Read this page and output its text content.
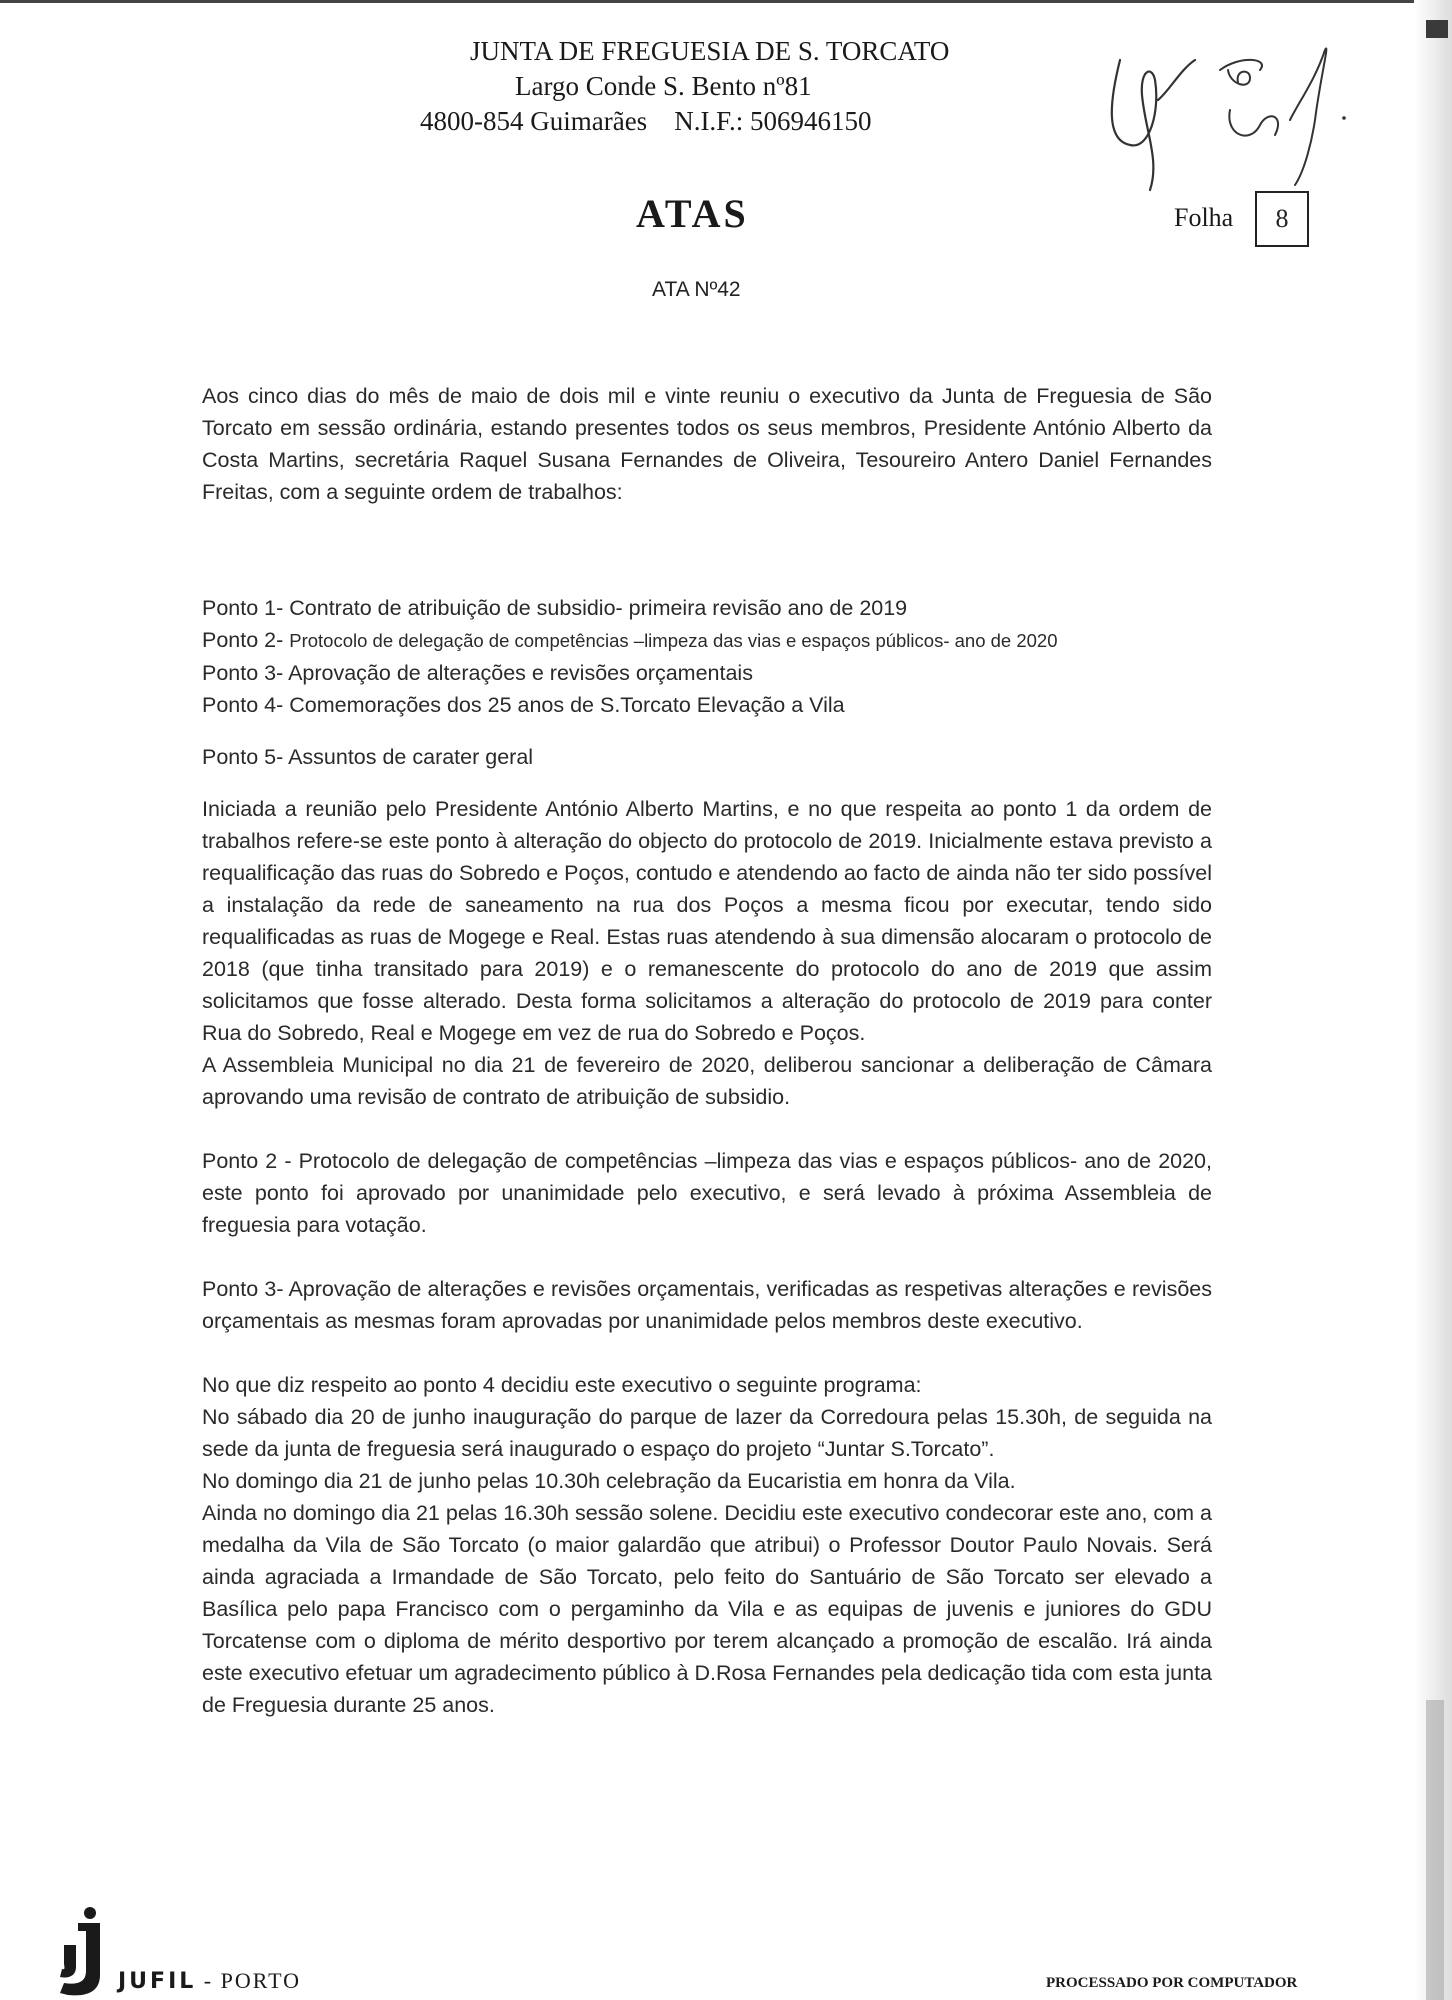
JUNTA DE FREGUESIA DE S. TORCATO
Largo Conde S. Bento nº81
4800-854 Guimarães    N.I.F.: 506946150
ATAS	Folha	8
ATA Nº42

Aos cinco dias do mês de maio de dois mil e vinte reuniu o executivo da Junta de Freguesia de São Torcato em sessão ordinária, estando presentes todos os seus membros, Presidente António Alberto da Costa Martins, secretária Raquel Susana Fernandes de Oliveira, Tesoureiro Antero Daniel Fernandes Freitas, com a seguinte ordem de trabalhos:

Ponto 1- Contrato de atribuição de subsidio- primeira revisão ano de 2019
Ponto 2- Protocolo de delegação de competências –limpeza das vias e espaços públicos- ano de 2020
Ponto 3- Aprovação de alterações e revisões orçamentais
Ponto 4- Comemorações dos 25 anos de S.Torcato Elevação a Vila
Ponto 5- Assuntos de carater geral

Iniciada a reunião pelo Presidente António Alberto Martins, e no que respeita ao ponto 1 da ordem de trabalhos refere-se este ponto à alteração do objecto do protocolo de 2019. Inicialmente estava previsto a requalificação das ruas do Sobredo e Poços, contudo e atendendo ao facto de ainda não ter sido possível a instalação da rede de saneamento na rua dos Poços a mesma ficou por executar, tendo sido requalificadas as ruas de Mogege e Real. Estas ruas atendendo à sua dimensão alocaram o protocolo de 2018 (que tinha transitado para 2019) e o remanescente do protocolo do ano de 2019 que assim solicitamos que fosse alterado. Desta forma solicitamos a alteração do protocolo de 2019 para conter Rua do Sobredo, Real e Mogege em vez de rua do Sobredo e Poços.

A Assembleia Municipal no dia 21 de fevereiro de 2020, deliberou sancionar a deliberação de Câmara aprovando uma revisão de contrato de atribuição de subsidio.

Ponto 2 - Protocolo de delegação de competências –limpeza das vias e espaços públicos- ano de 2020, este ponto foi aprovado por unanimidade pelo executivo, e será levado à próxima Assembleia de freguesia para votação.

Ponto 3- Aprovação de alterações e revisões orçamentais, verificadas as respetivas alterações e revisões orçamentais as mesmas foram aprovadas por unanimidade pelos membros deste executivo.

No que diz respeito ao ponto 4 decidiu este executivo o seguinte programa:

No sábado dia 20 de junho inauguração do parque de lazer da Corredoura pelas 15.30h, de seguida na sede da junta de freguesia será inaugurado o espaço do projeto “Juntar S.Torcato”.

No domingo dia 21 de junho pelas 10.30h celebração da Eucaristia em honra da Vila.

Ainda no domingo dia 21 pelas 16.30h sessão solene. Decidiu este executivo condecorar este ano, com a medalha da Vila de São Torcato (o maior galardão que atribui) o Professor Doutor Paulo Novais. Será ainda agraciada a Irmandade de São Torcato, pelo feito do Santuário de São Torcato ser elevado a Basílica pelo papa Francisco com o pergaminho da Vila e as equipas de juvenis e juniores do GDU Torcatense com o diploma de mérito desportivo por terem alcançado a promoção de escalão. Irá ainda este executivo efetuar um agradecimento público à D.Rosa Fernandes pela dedicação tida com esta junta de Freguesia durante 25 anos.

JUFIL - PORTO	PROCESSADO POR COMPUTADOR
